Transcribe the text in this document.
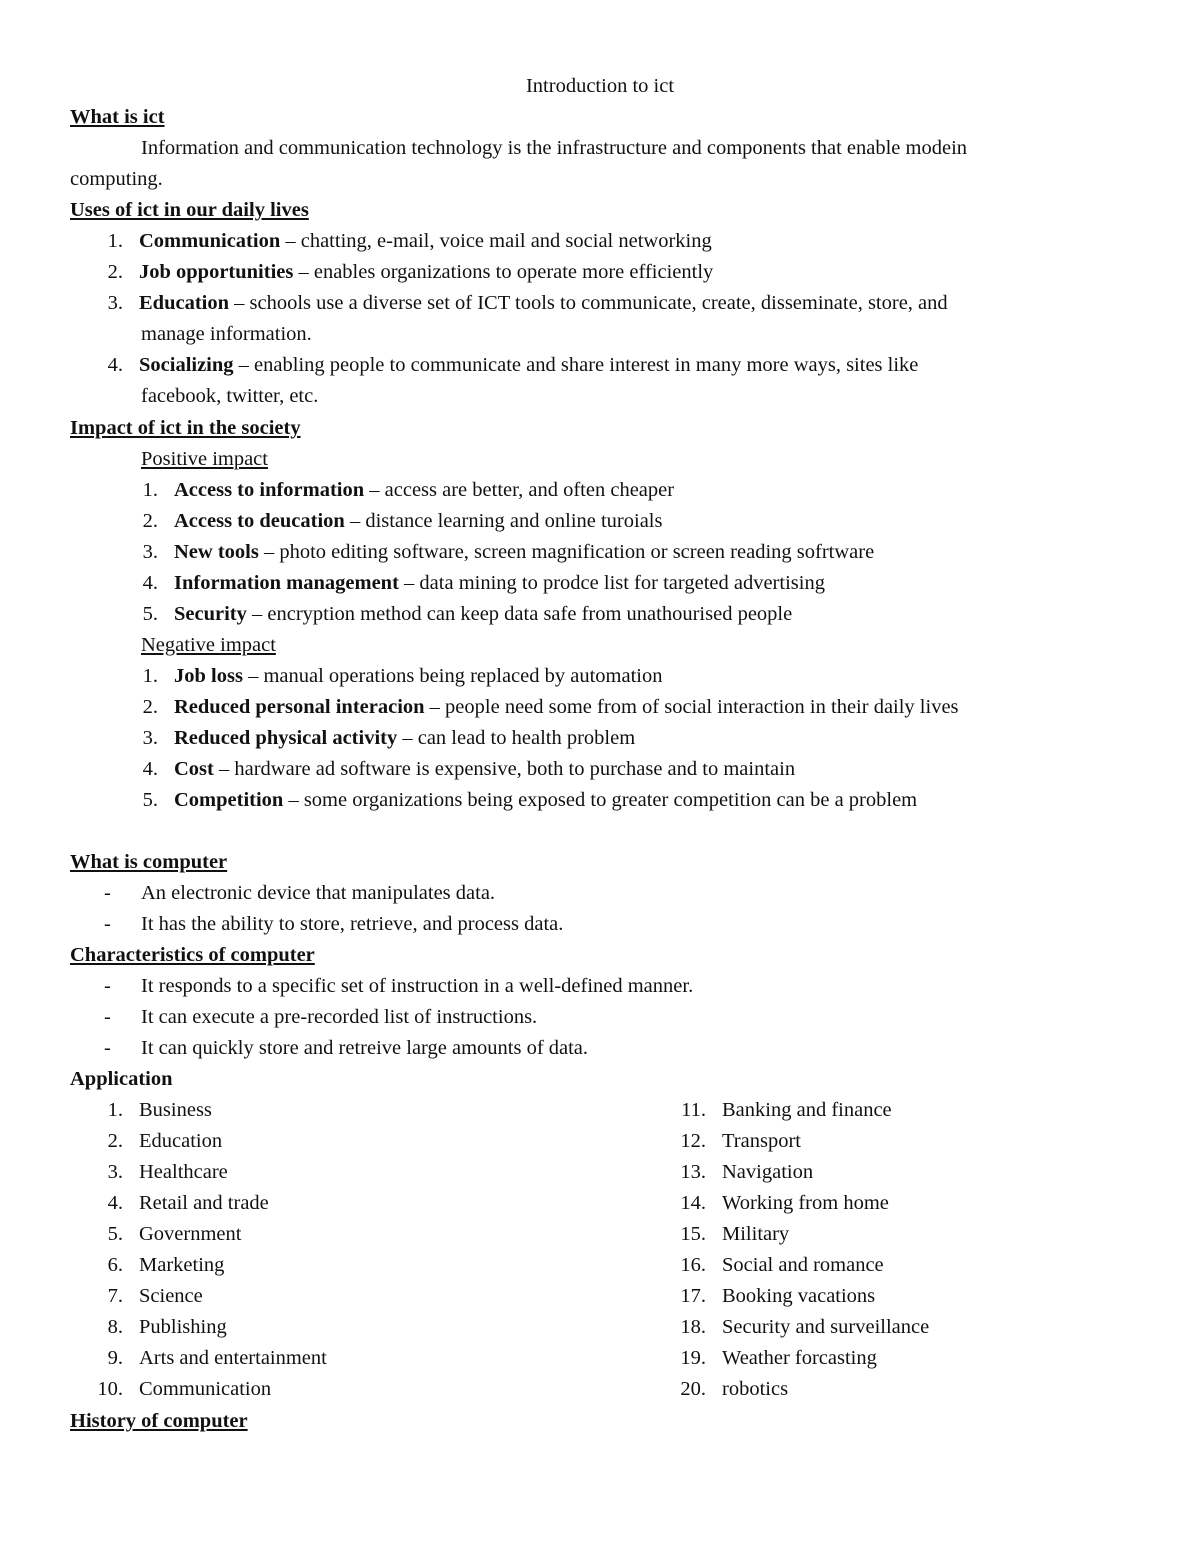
Introduction to ict
What is ict
Information and communication technology is the infrastructure and components that enable modein
computing.
Uses of ict in our daily lives
1. Communication – chatting, e-mail, voice mail and social networking
2. Job opportunities – enables organizations to operate more efficiently
3. Education – schools use a diverse set of ICT tools to communicate, create, disseminate, store, and
manage information.
4. Socializing – enabling people to communicate and share interest in many more ways, sites like
facebook, twitter, etc.
Impact of ict in the society
Positive impact
1. Access to information – access are better, and often cheaper
2. Access to deucation – distance learning and online turoials
3. New tools – photo editing software, screen magnification or screen reading sofrtware
4. Information management – data mining to prodce list for targeted advertising
5. Security – encryption method can keep data safe from unathourised people
Negative impact
1. Job loss – manual operations being replaced by automation
2. Reduced personal interacion – people need some from of social interaction in their daily lives
3. Reduced physical activity – can lead to health problem
4. Cost – hardware ad software is expensive, both to purchase and to maintain
5. Competition – some organizations being exposed to greater competition can be a problem
What is computer
- An electronic device that manipulates data.
- It has the ability to store, retrieve, and process data.
Characteristics of computer
- It responds to a specific set of instruction in a well-defined manner.
- It can execute a pre-recorded list of instructions.
- It can quickly store and retreive large amounts of data.
Application
1. Business
2. Education
3. Healthcare
4. Retail and trade
5. Government
6. Marketing
7. Science
8. Publishing
9. Arts and entertainment
10. Communication
11. Banking and finance
12. Transport
13. Navigation
14. Working from home
15. Military
16. Social and romance
17. Booking vacations
18. Security and surveillance
19. Weather forcasting
20. robotics
History of computer
